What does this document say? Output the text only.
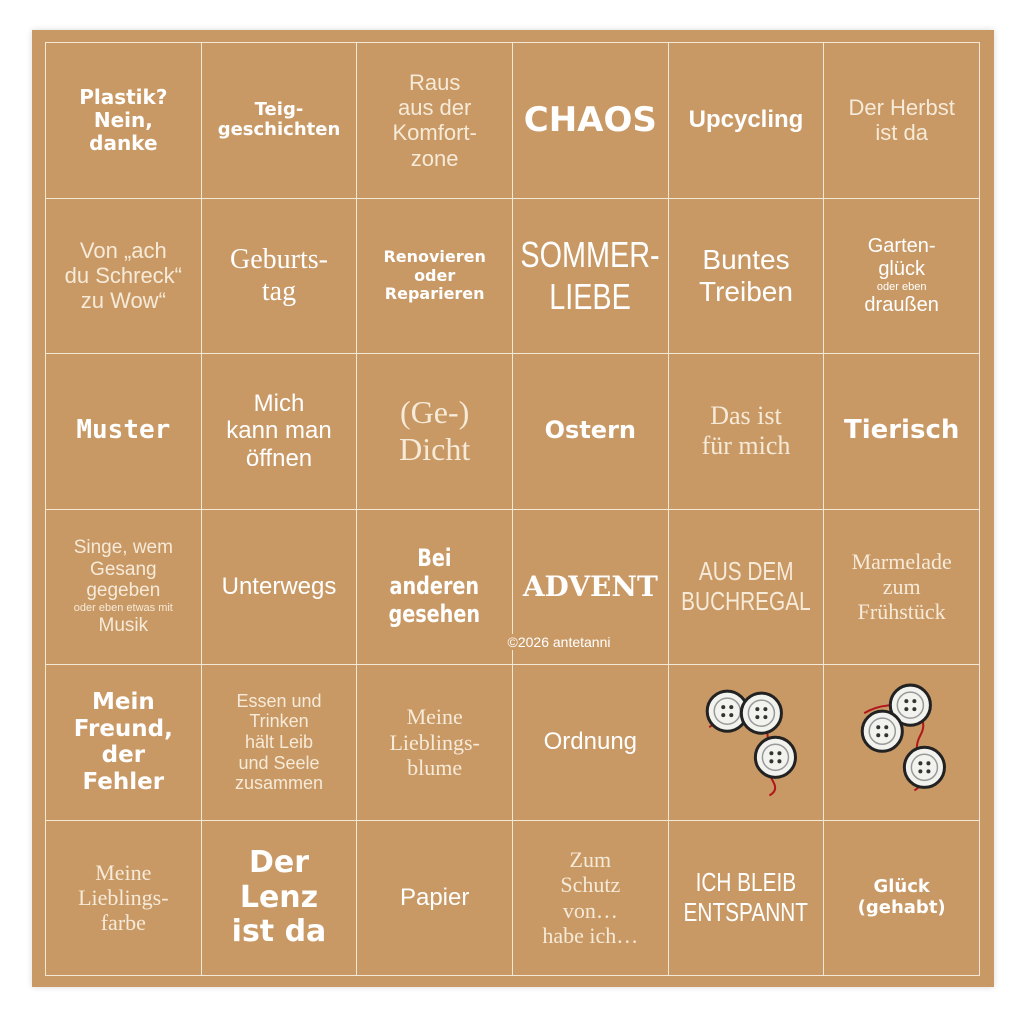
Plastik?
Nein,
danke
Teig-
geschichten
Raus
aus der
Komfort-
zone
CHAOS Upcycling Der Herbst
ist da
Von „ach
du Schreck“
zu Wow“
Geburts-
tag
Renovieren
oder
Reparieren
SOMMER-
LIEBE
Buntes
Treiben
Garten-
glück
oder eben
draußen
Muster
Mich
kann man
öffnen
(Ge-)
Dicht
Ostern
Das ist
für mich
Tierisch
Singe, wem
Gesang
gegeben
oder eben etwas mit
Musik
Unterwegs
Bei anderen
gesehen
ADVENT AUS DEM
BUCHREGAL
Marmelade
zum
Frühstück
Mein
Freund,
der
Fehler
Essen und
Trinken
hält Leib
und Seele
zusammen
Meine
Lieblings-
blume
Ordnung
Meine
Lieblings-
farbe
Der
Lenz
ist da
Papier
Zum
Schutz
von…
habe ich…
ICH BLEIB
ENTSPANNT
Glück
(gehabt)
©2026 antetanni
